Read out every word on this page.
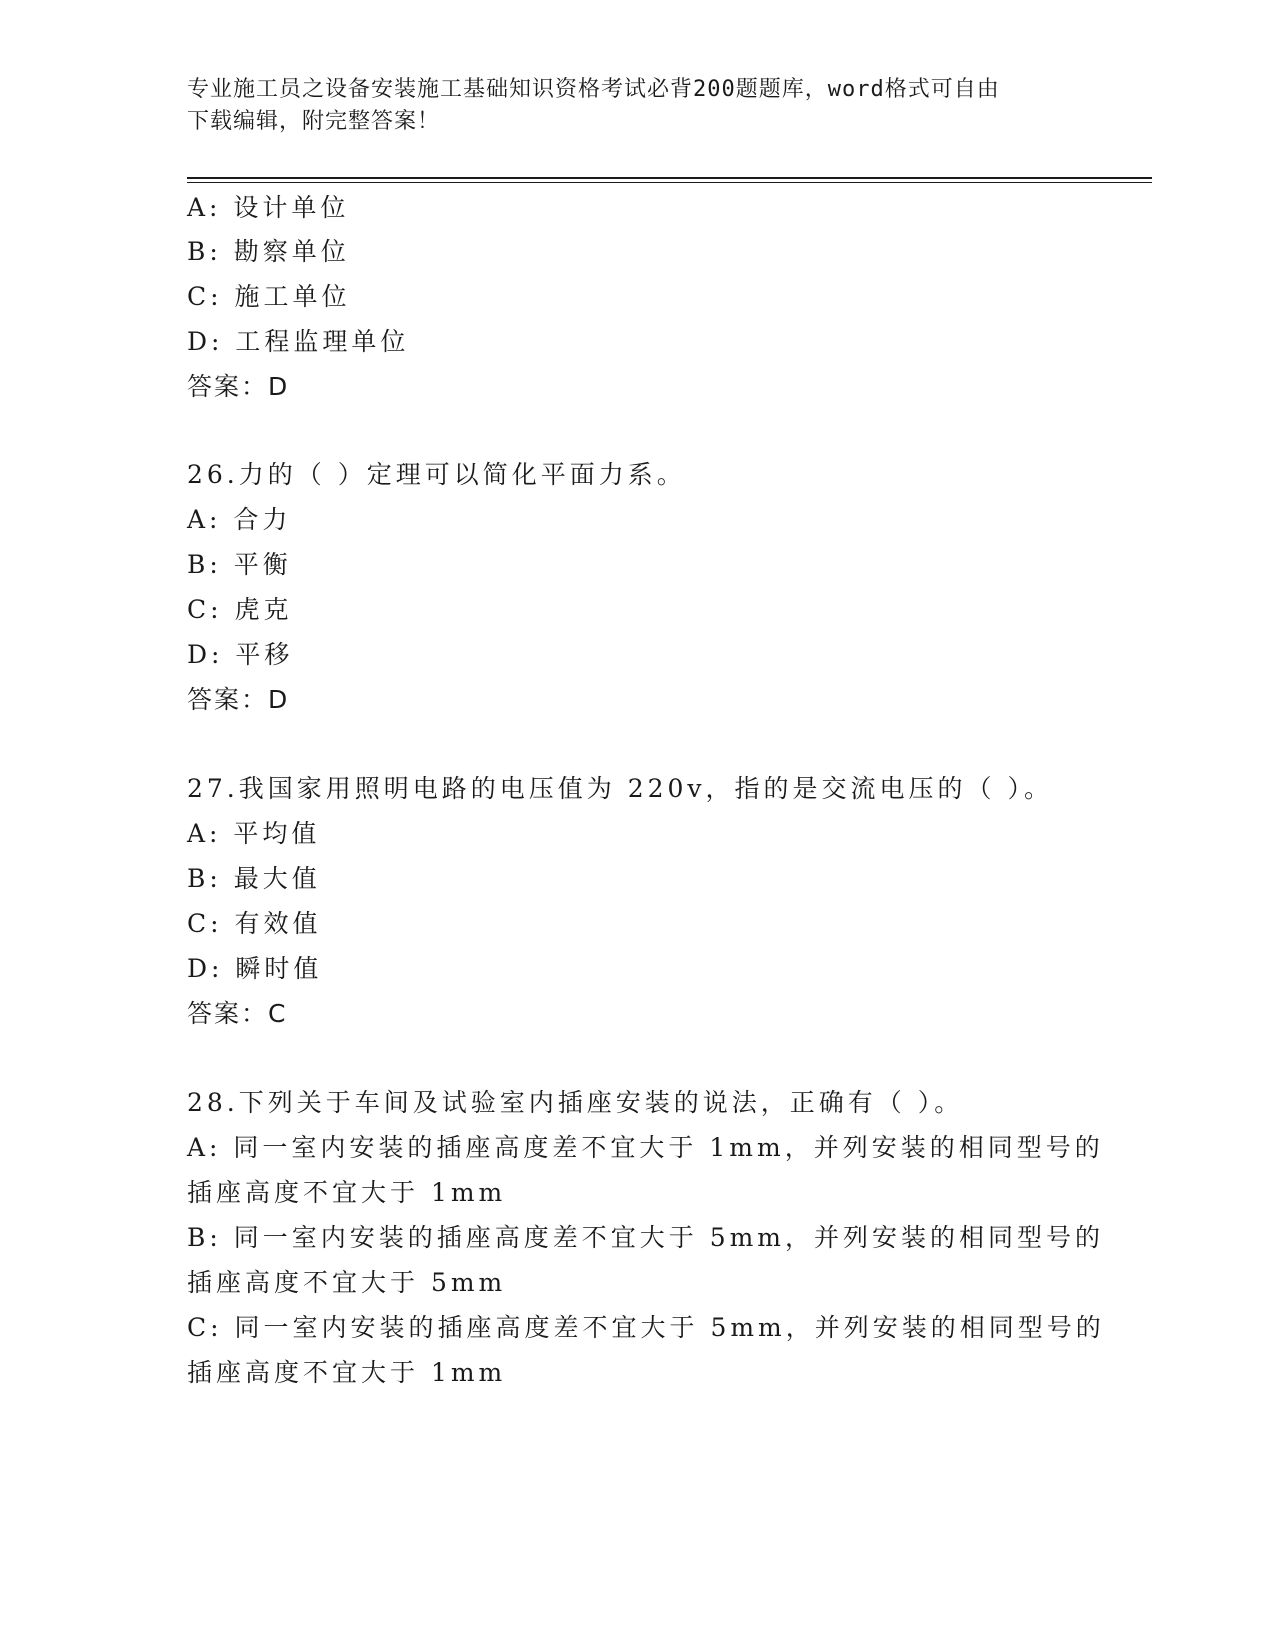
专业施工员之设备安装施工基础知识资格考试必背200题题库，word格式可自由
下载编辑，附完整答案！
A: 设计单位
B: 勘察单位
C: 施工单位
D: 工程监理单位
答案：D
26.力的（ ）定理可以简化平面力系。
A: 合力
B: 平衡
C: 虎克
D: 平移
答案：D
27.我国家用照明电路的电压值为 220v，指的是交流电压的（ ）。
A: 平均值
B: 最大值
C: 有效值
D: 瞬时值
答案：C
28.下列关于车间及试验室内插座安装的说法，正确有（ ）。
A: 同一室内安装的插座高度差不宜大于 1mm，并列安装的相同型号的
插座高度不宜大于 1mm
B: 同一室内安装的插座高度差不宜大于 5mm，并列安装的相同型号的
插座高度不宜大于 5mm
C: 同一室内安装的插座高度差不宜大于 5mm，并列安装的相同型号的
插座高度不宜大于 1mm
